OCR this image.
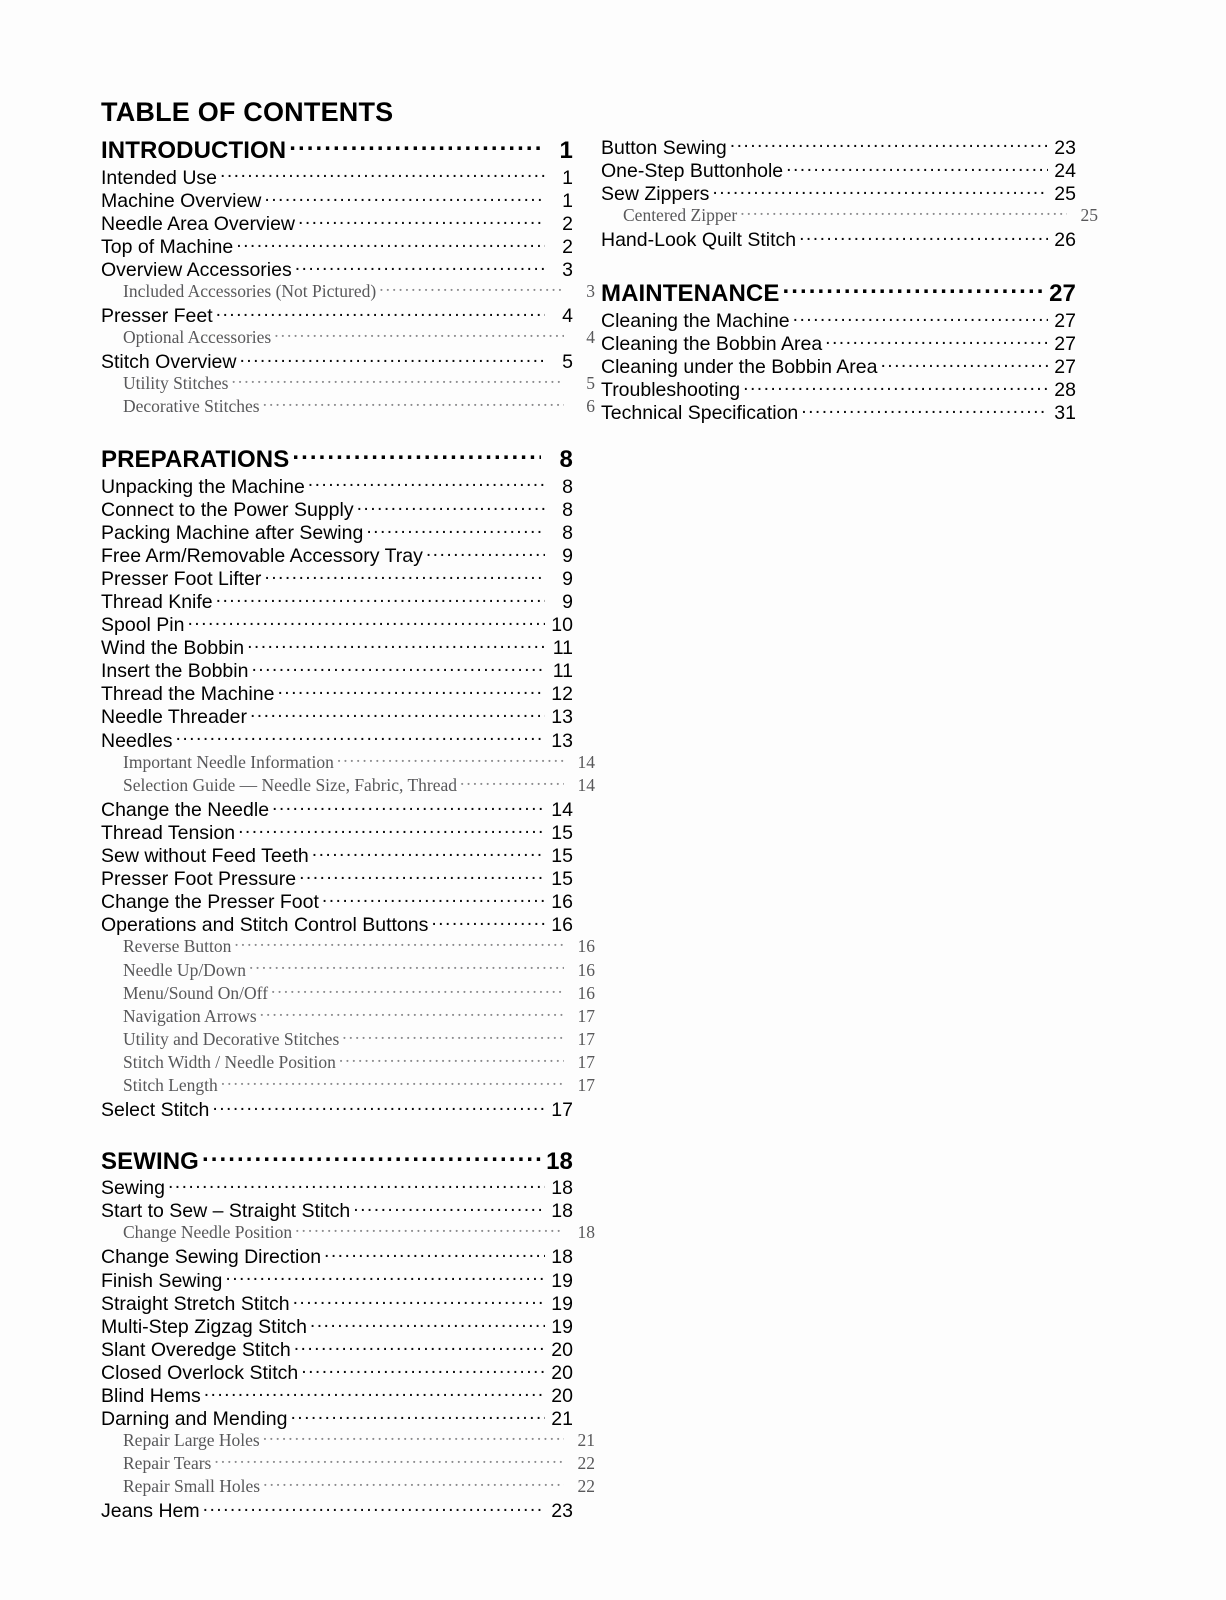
TABLE OF CONTENTS
INTRODUCTION .....	1
Intended Use .....	1
Machine Overview .....	1
Needle Area Overview .....	2
Top of Machine .....	2
Overview Accessories .....	3
Included Accessories (Not Pictured) .....	3
Presser Feet .....	4
Optional Accessories .....	4
Stitch Overview .....	5
Utility Stitches .....	5
Decorative Stitches .....	6
PREPARATIONS .....	8
Unpacking the Machine .....	8
Connect to the Power Supply .....	8
Packing Machine after Sewing .....	8
Free Arm/Removable Accessory Tray .....	9
Presser Foot Lifter .....	9
Thread Knife .....	9
Spool Pin .....	10
Wind the Bobbin .....	11
Insert the Bobbin .....	11
Thread the Machine .....	12
Needle Threader .....	13
Needles .....	13
Important Needle Information .....	14
Selection Guide — Needle Size, Fabric, Thread .....	14
Change the Needle .....	14
Thread Tension .....	15
Sew without Feed Teeth .....	15
Presser Foot Pressure .....	15
Change the Presser Foot .....	16
Operations and Stitch Control Buttons .....	16
Reverse Button .....	16
Needle Up/Down .....	16
Menu/Sound On/Off .....	16
Navigation Arrows .....	17
Utility and Decorative Stitches .....	17
Stitch Width / Needle Position .....	17
Stitch Length .....	17
Select Stitch .....	17
SEWING .....	18
Sewing .....	18
Start to Sew – Straight Stitch .....	18
Change Needle Position .....	18
Change Sewing Direction .....	18
Finish Sewing .....	19
Straight Stretch Stitch .....	19
Multi-Step Zigzag Stitch .....	19
Slant Overedge Stitch .....	20
Closed Overlock Stitch .....	20
Blind Hems .....	20
Darning and Mending .....	21
Repair Large Holes .....	21
Repair Tears .....	22
Repair Small Holes .....	22
Jeans Hem .....	23
Button Sewing .....	23
One-Step Buttonhole .....	24
Sew Zippers .....	25
Centered Zipper .....	25
Hand-Look Quilt Stitch .....	26
MAINTENANCE .....	27
Cleaning the Machine .....	27
Cleaning the Bobbin Area .....	27
Cleaning under the Bobbin Area .....	27
Troubleshooting .....	28
Technical Specification .....	31
